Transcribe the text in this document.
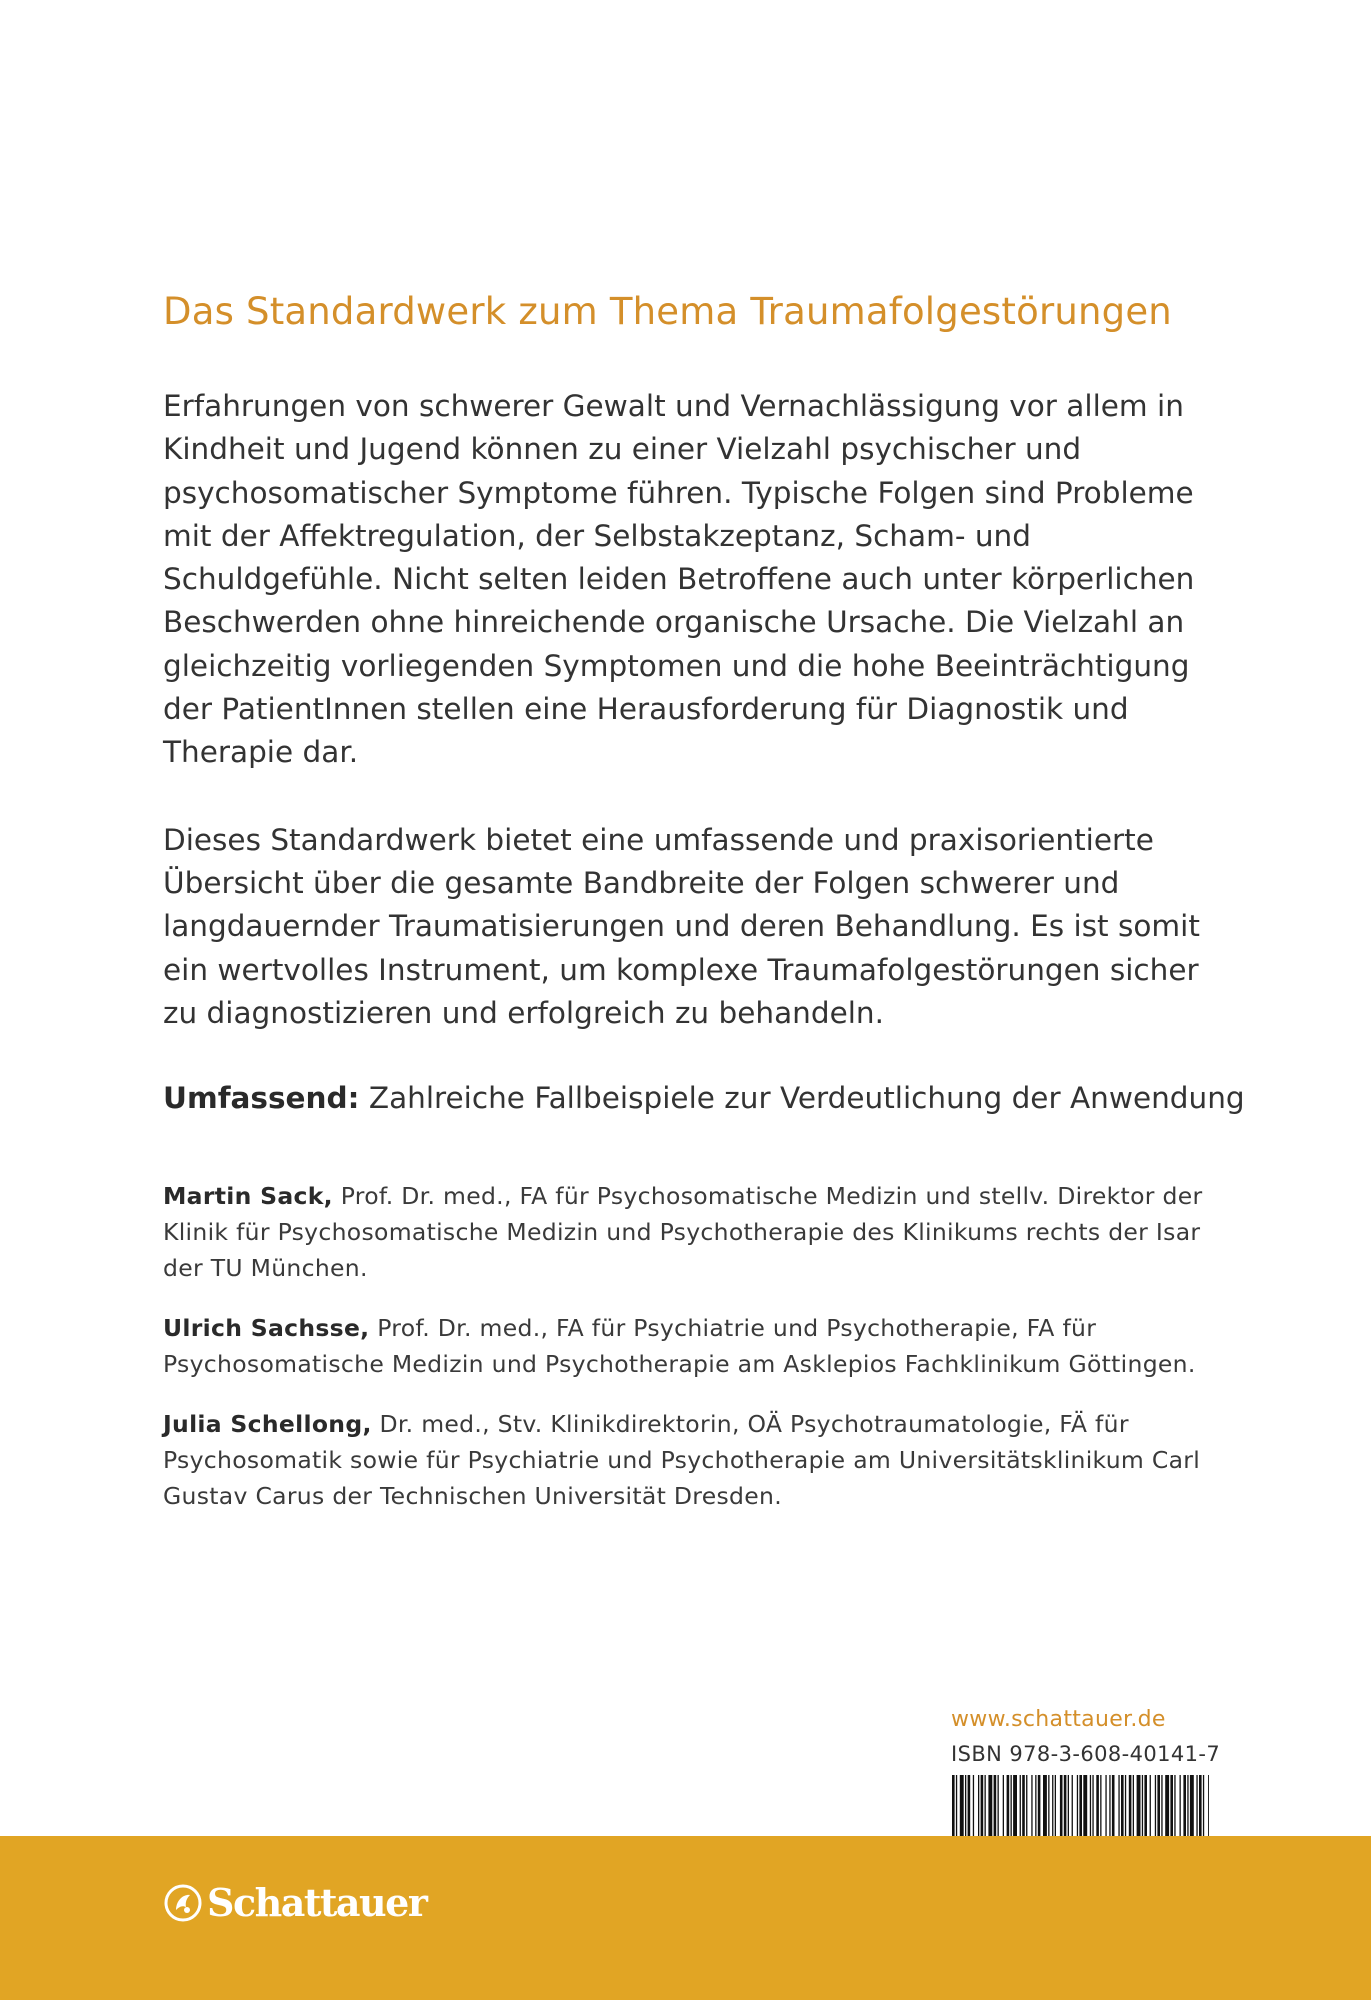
Das Standardwerk zum Thema Traumafolgestörungen

Erfahrungen von schwerer Gewalt und Vernachlässigung vor allem in Kindheit und Jugend können zu einer Vielzahl psychischer und psychosomatischer Symptome führen. Typische Folgen sind Probleme mit der Affektregulation, der Selbstakzeptanz, Scham- und Schuldgefühle. Nicht selten leiden Betroffene auch unter körperlichen Beschwerden ohne hinreichende organische Ursache. Die Vielzahl an gleichzeitig vorliegenden Symptomen und die hohe Beeinträchtigung der PatientInnen stellen eine Herausforderung für Diagnostik und Therapie dar.

Dieses Standardwerk bietet eine umfassende und praxisorientierte Übersicht über die gesamte Bandbreite der Folgen schwerer und langdauernder Traumatisierungen und deren Behandlung. Es ist somit ein wertvolles Instrument, um komplexe Traumafolgestörungen sicher zu diagnostizieren und erfolgreich zu behandeln.

Umfassend: Zahlreiche Fallbeispiele zur Verdeutlichung der Anwendung

Martin Sack, Prof. Dr. med., FA für Psychosomatische Medizin und stellv. Direktor der Klinik für Psychosomatische Medizin und Psychotherapie des Klinikums rechts der Isar der TU München.

Ulrich Sachsse, Prof. Dr. med., FA für Psychiatrie und Psychotherapie, FA für Psychosomatische Medizin und Psychotherapie am Asklepios Fachklinikum Göttingen.

Julia Schellong, Dr. med., Stv. Klinikdirektorin, OÄ Psychotraumatologie, FÄ für Psychosomatik sowie für Psychiatrie und Psychotherapie am Universitätsklinikum Carl Gustav Carus der Technischen Universität Dresden.

www.schattauer.de
ISBN 978-3-608-40141-7
Schattauer
